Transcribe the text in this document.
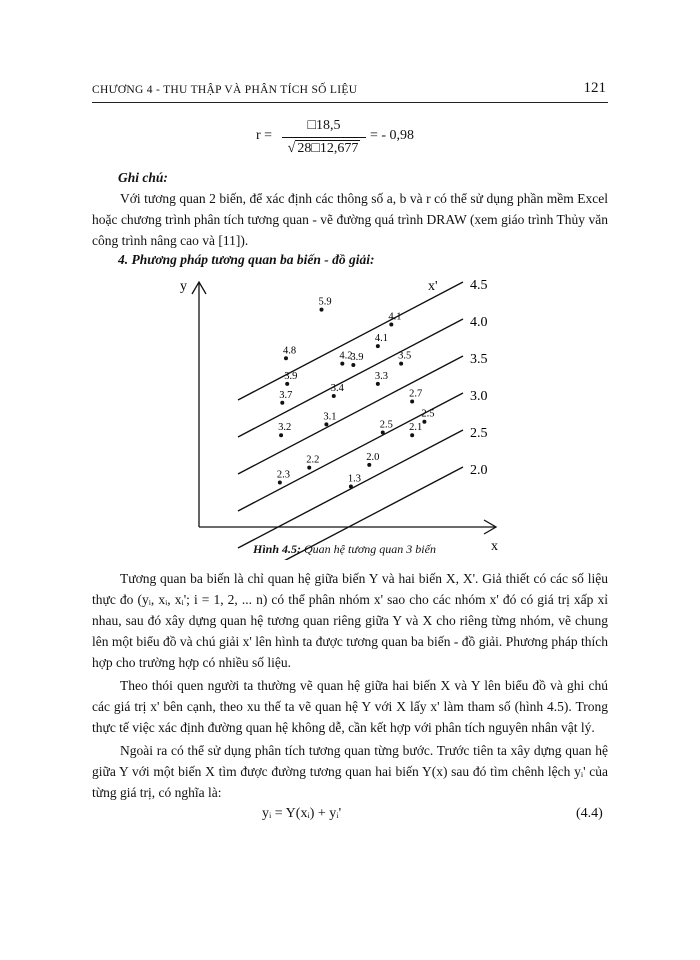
CHƯƠNG 4 - THU THẬP VÀ PHÂN TÍCH SỐ LIỆU	121
r =
□18,5
√ 28□12,677
= - 0,98
Ghi chú:

Với tương quan 2 biến, để xác định các thông số a, b và r có thể sử dụng phần mềm Excel hoặc chương trình phân tích tương quan - vẽ đường quá trình DRAW (xem giáo trình Thủy văn công trình nâng cao và [11]).

4. Phương pháp tương quan ba biến - đồ giải:
4.5
4.0
3.5
3.0
2.5
2.0
5.9
4.1
4.8
4.1
4.2
3.9	3.5
3.9
3.4
3.3
3.7	2.7
3.1	2.5
2.5 2.1
3.2
2.2	2.0
2.3	1.3
y
x
x'
Hình 4.5: Quan hệ tương quan 3 biến

Tương quan ba biến là chỉ quan hệ giữa biến Y và hai biến X, X'. Giả thiết có các số liệu thực đo (yᵢ, xᵢ, xᵢ'; i = 1, 2, ... n) có thể phân nhóm x' sao cho các nhóm x' đó có giá trị xấp xỉ nhau, sau đó xây dựng quan hệ tương quan riêng giữa Y và X cho riêng từng nhóm, vẽ chung lên một biểu đồ và chú giải x' lên hình ta được tương quan ba biến - đồ giải. Phương pháp thích hợp cho trường hợp có nhiều số liệu.

Theo thói quen người ta thường vẽ quan hệ giữa hai biến X và Y lên biểu đồ và ghi chú các giá trị x' bên cạnh, theo xu thế ta vẽ quan hệ Y với X lấy x' làm tham số (hình 4.5). Trong thực tế việc xác định đường quan hệ không dễ, cần kết hợp với phân tích nguyên nhân vật lý.

Ngoài ra có thể sử dụng phân tích tương quan từng bước. Trước tiên ta xây dựng quan hệ giữa Y với một biến X tìm được đường tương quan hai biến Y(x) sau đó tìm chênh lệch yᵢ' của từng giá trị, có nghĩa là:

yᵢ = Y(xᵢ) + yᵢ'	(4.4)
